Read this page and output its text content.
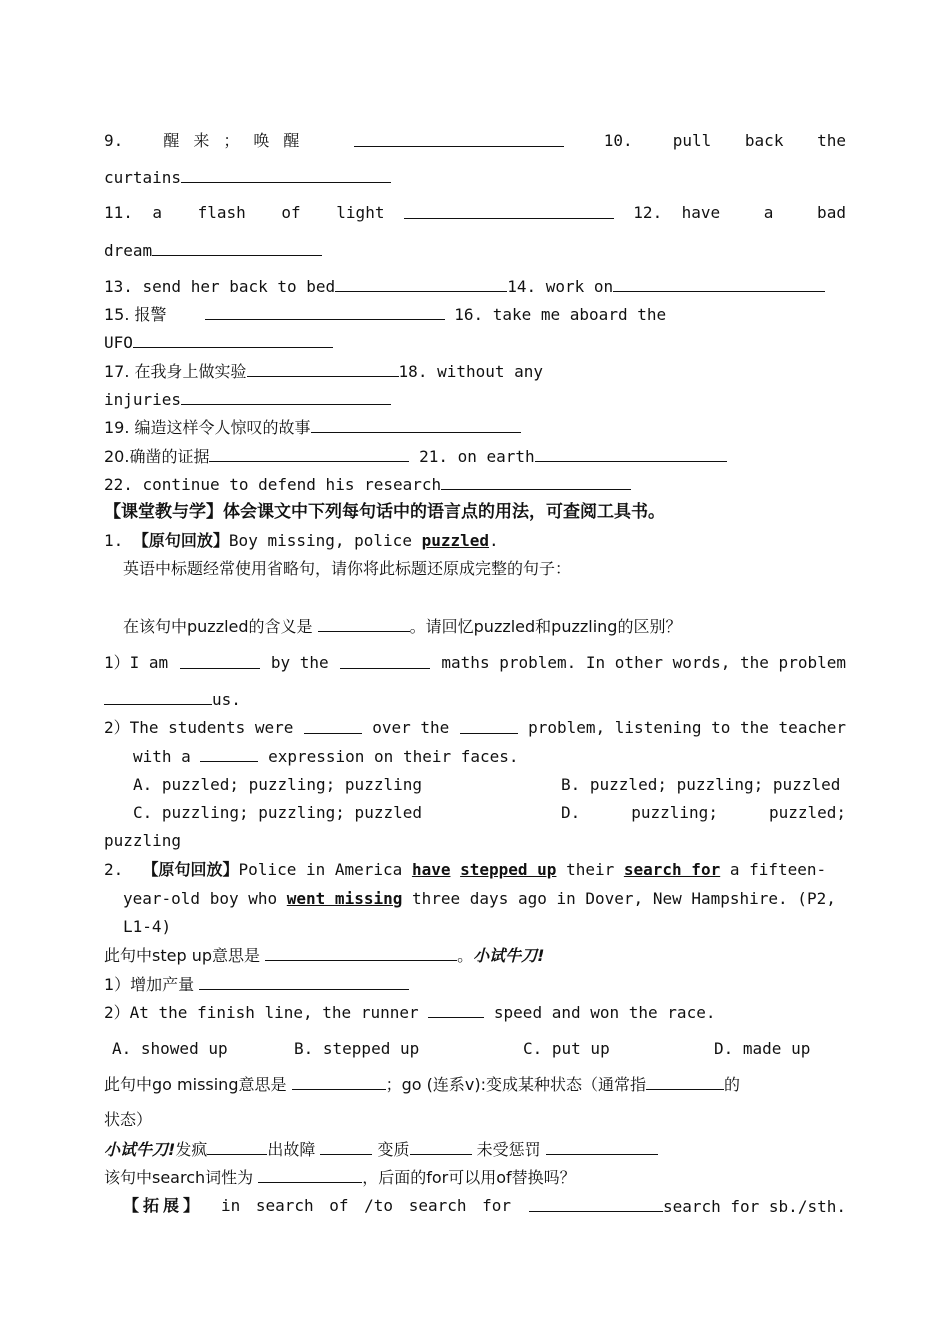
9.	醒来；唤醒	10.	pull back the
curtains
11. a flash of light	12. have a bad
dream
13. send her back to bed	14. work on
15. 报警	16. take me aboard the
UFO
17. 在我身上做实验	18. without any
injuries
19. 编造这样令人惊叹的故事
20.确凿的证据	21. on earth
22. continue to defend his research
【课堂教与学】体会课文中下列每句话中的语言点的用法，可查阅工具书。
1. 【原句回放】Boy missing, police puzzled.
英语中标题经常使用省略句，请你将此标题还原成完整的句子：
在该句中puzzled的含义是	。请回忆puzzled和puzzling的区别？
1）I am	by the	maths problem. In other words, the problem
us.
2）The students were	over the	problem, listening to the teacher
with a	expression on their faces.
A. puzzled; puzzling; puzzling	B. puzzled; puzzling; puzzled
C. puzzling; puzzling; puzzled	D.	puzzling;	puzzled;
puzzling
2. 【原句回放】Police in America have stepped up their search for a fifteen-
year-old boy who went missing three days ago in Dover, New Hampshire. (P2,
L1-4)
此句中step up意思是	。小试牛刀!
1）增加产量
2）At the finish line, the runner	speed and won the race.
A. showed up	B. stepped up	C. put up	D. made up
此句中go missing意思是	；go (连系v):变成某种状态（通常指	的
状态）
小试牛刀!发疯	出故障	变质	未受惩罚
该句中search词性为	，后面的for可以用of替换吗？
【拓展】 in search of /to search for	search for sb./sth.
